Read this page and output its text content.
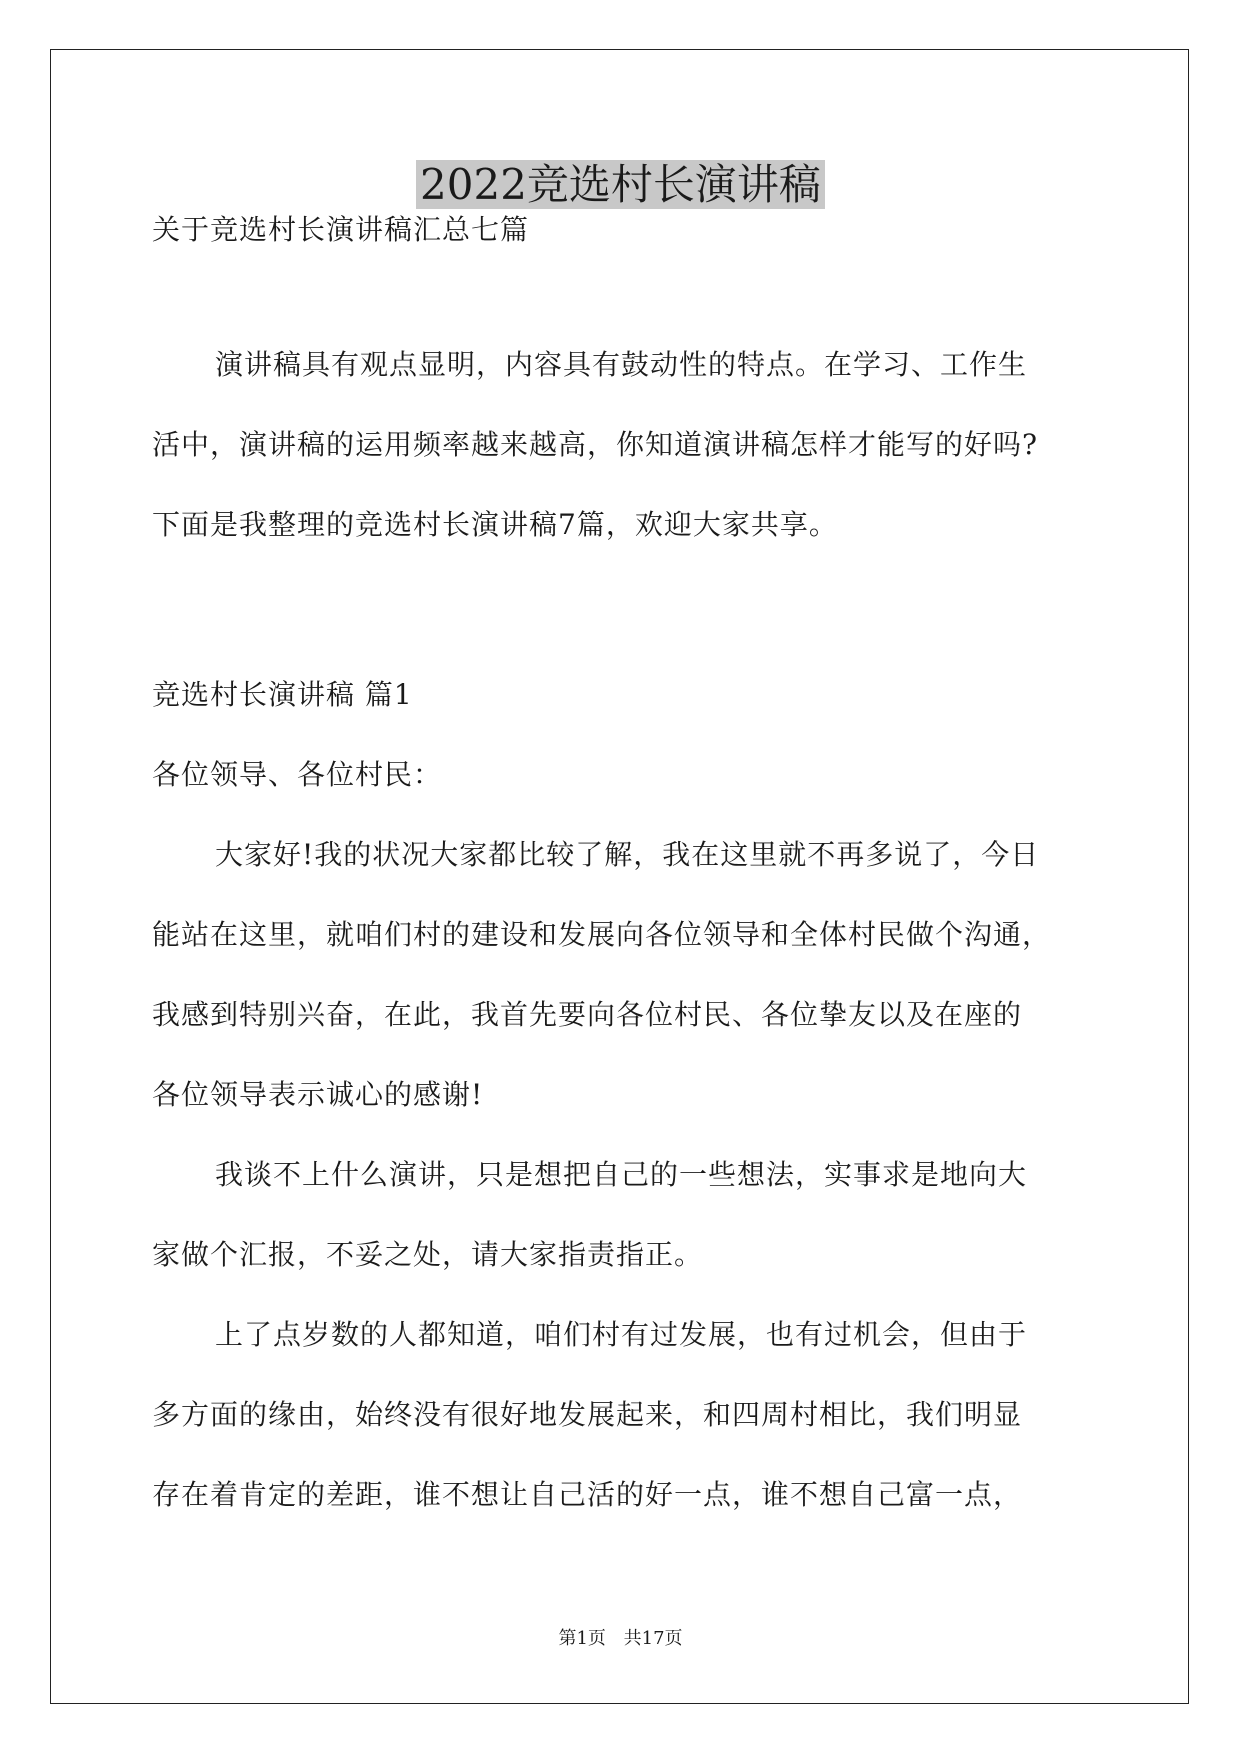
2022竞选村长演讲稿
关于竞选村长演讲稿汇总七篇
演讲稿具有观点显明，内容具有鼓动性的特点。在学习、工作生
活中，演讲稿的运用频率越来越高，你知道演讲稿怎样才能写的好吗?
下面是我整理的竞选村长演讲稿7篇，欢迎大家共享。
竞选村长演讲稿 篇1
各位领导、各位村民：
大家好!我的状况大家都比较了解，我在这里就不再多说了，今日
能站在这里，就咱们村的建设和发展向各位领导和全体村民做个沟通，
我感到特别兴奋，在此，我首先要向各位村民、各位挚友以及在座的
各位领导表示诚心的感谢!
我谈不上什么演讲，只是想把自己的一些想法，实事求是地向大
家做个汇报，不妥之处，请大家指责指正。
上了点岁数的人都知道，咱们村有过发展，也有过机会，但由于
多方面的缘由，始终没有很好地发展起来，和四周村相比，我们明显
存在着肯定的差距，谁不想让自己活的好一点，谁不想自己富一点，
第1页 共17页
